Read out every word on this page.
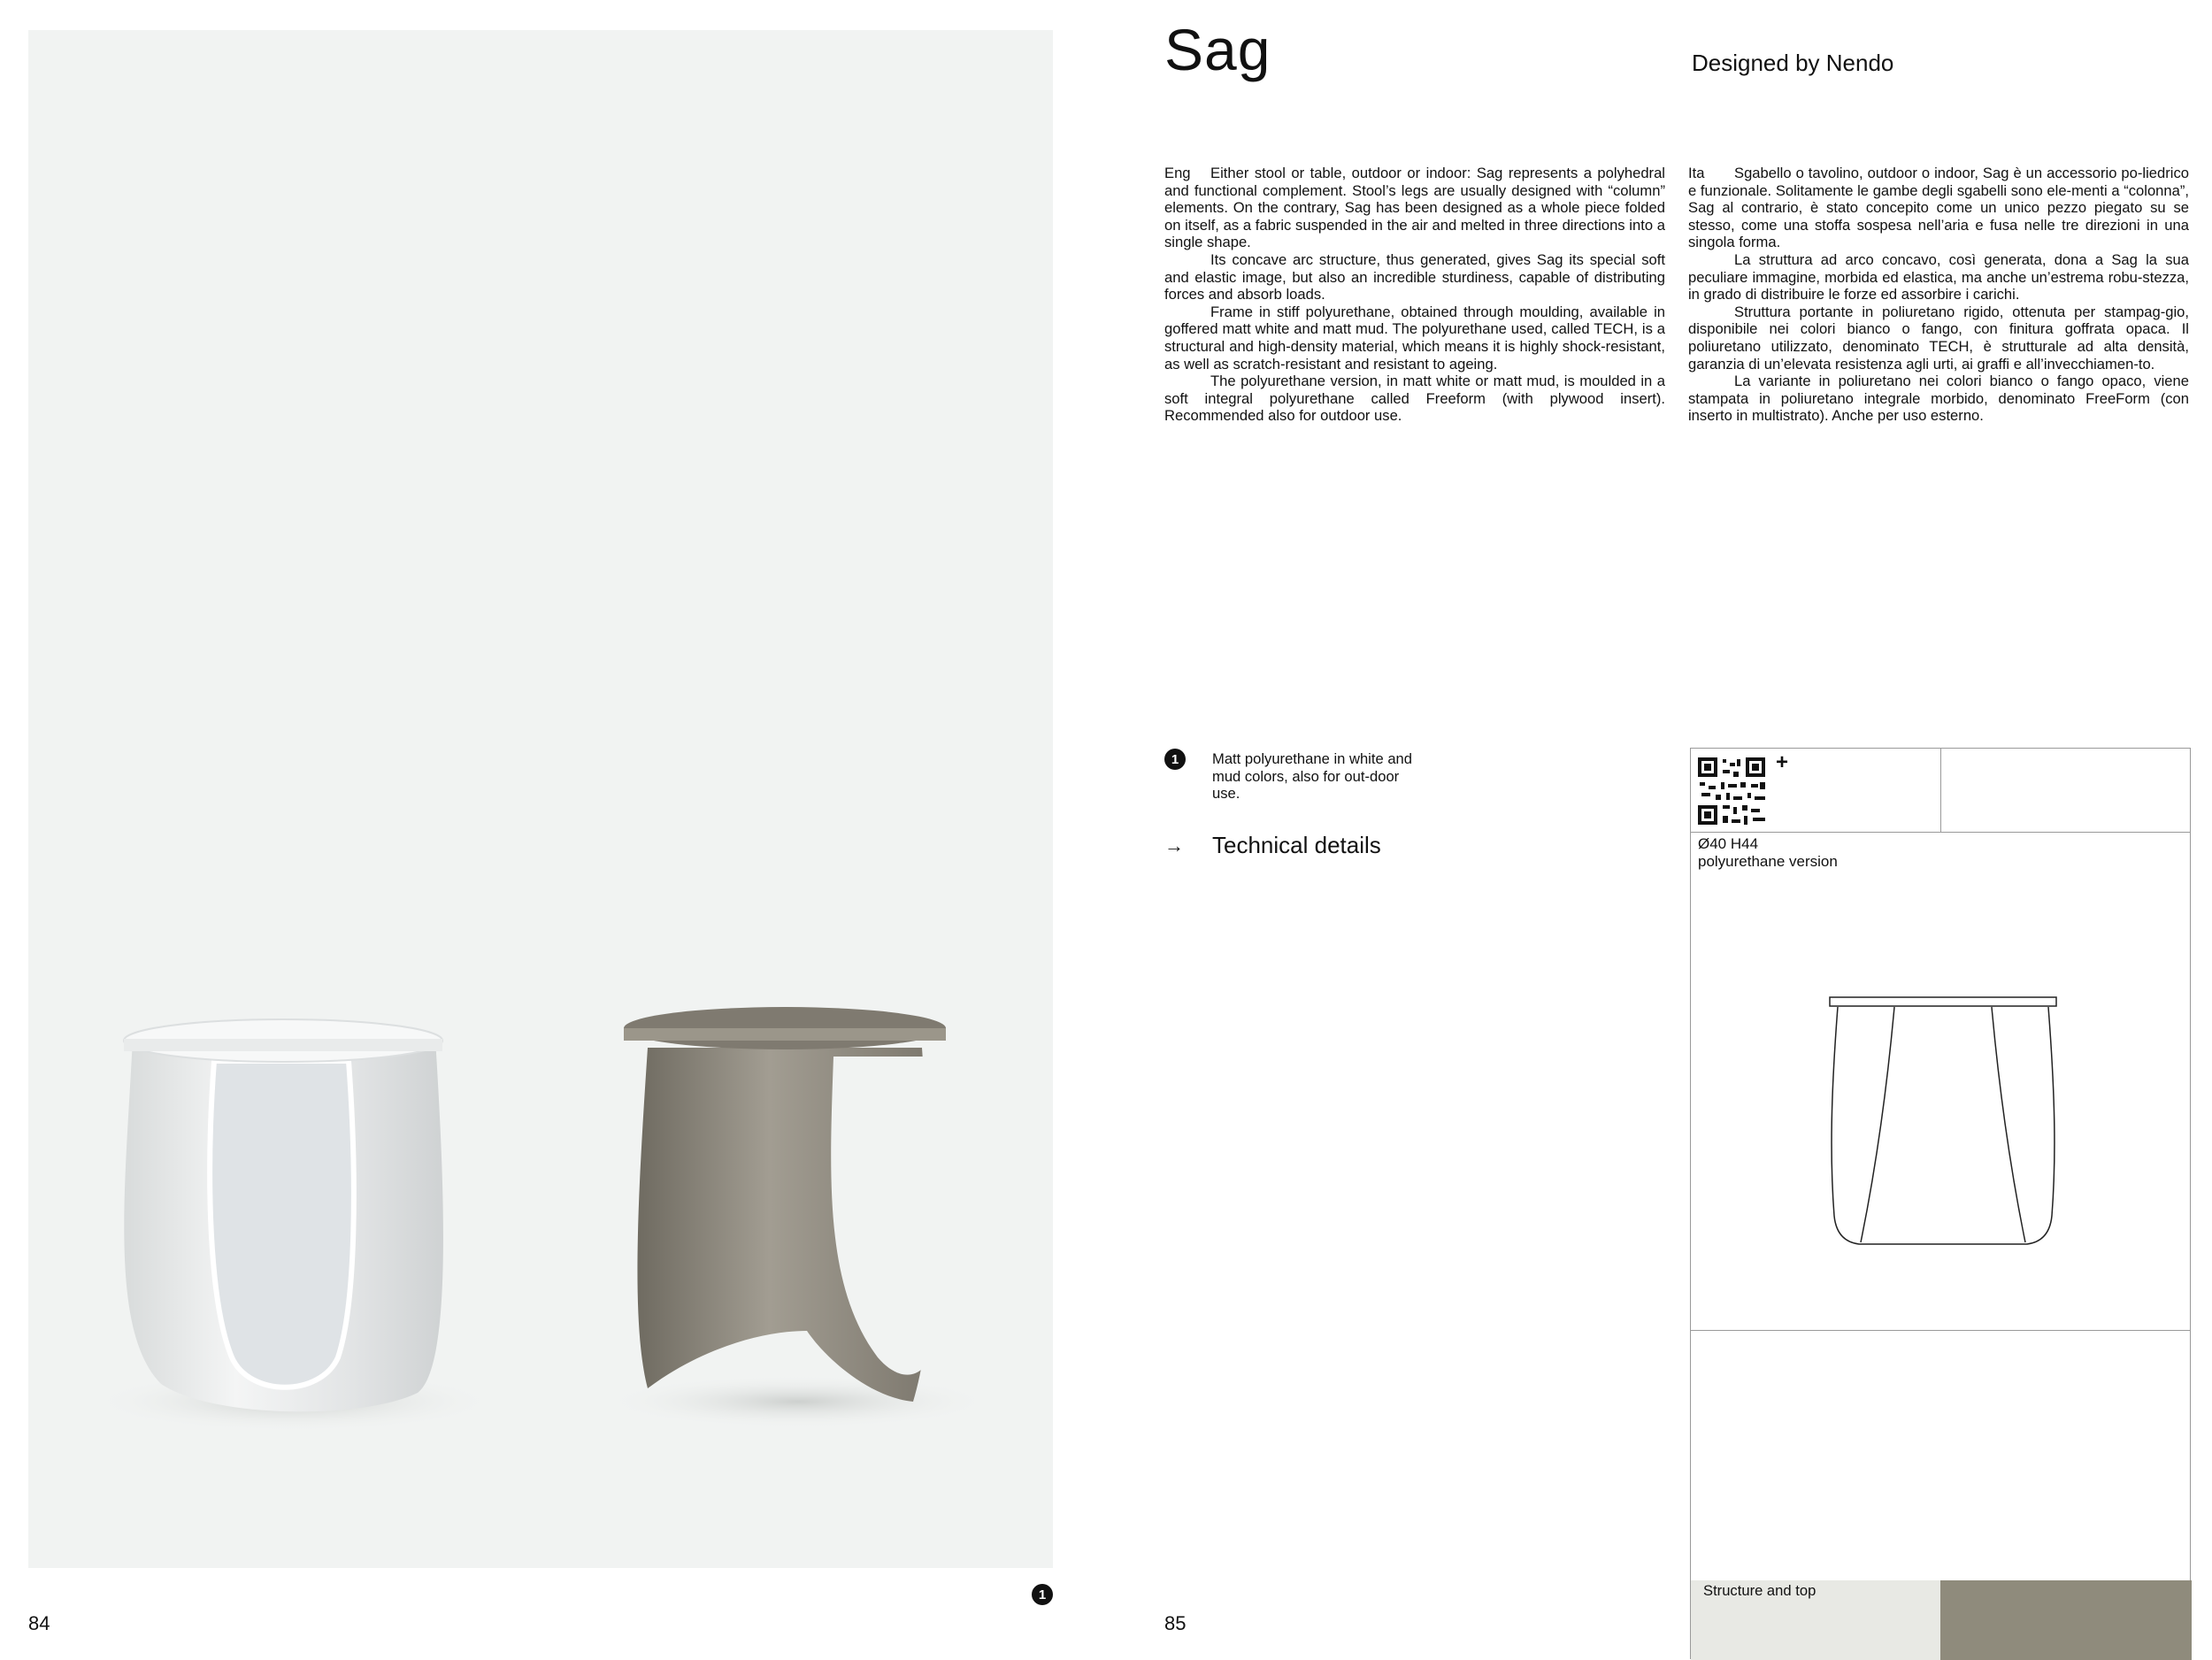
84
1
Sag	Designed by Nendo

Eng Either stool or table, outdoor or indoor: Sag represents a polyhedral and functional complement. Stool’s legs are usually designed with “column” elements. On the contrary, Sag has been designed as a whole piece folded on itself, as a fabric suspended in the air and melted in three directions into a single shape.

Its concave arc structure, thus generated, gives Sag its special soft and elastic image, but also an incredible sturdiness, capable of distributing forces and absorb loads.

Frame in stiff polyurethane, obtained through moulding, available in goffered matt white and matt mud. The polyurethane used, called TECH, is a structural and high-density material, which means it is highly shock-resistant, as well as scratch-resistant and resistant to ageing.

The polyurethane version, in matt white or matt mud, is moulded in a soft integral polyurethane called Freeform (with plywood insert). Recommended also for outdoor use.

Ita Sgabello o tavolino, outdoor o indoor, Sag è un accessorio po-liedrico e funzionale. Solitamente le gambe degli sgabelli sono ele-menti a “colonna”, Sag al contrario, è stato concepito come un unico pezzo piegato su se stesso, come una stoffa sospesa nell’aria e fusa nelle tre direzioni in una singola forma.

La struttura ad arco concavo, così generata, dona a Sag la sua peculiare immagine, morbida ed elastica, ma anche un’estrema robu-stezza, in grado di distribuire le forze ed assorbire i carichi.

Struttura portante in poliuretano rigido, ottenuta per stampag-gio, disponibile nei colori bianco o fango, con finitura goffrata opaca. Il poliuretano utilizzato, denominato TECH, è strutturale ad alta densità, garanzia di un’elevata resistenza agli urti, ai graffi e all’invecchiamen-to.

La variante in poliuretano nei colori bianco o fango opaco, viene stampata in poliuretano integrale morbido, denominato FreeForm (con inserto in multistrato). Anche per uso esterno.

1	Matt polyurethane in white and mud colors, also for out-door use.
→	Technical details
+
Ø40 H44
polyurethane version
Structure and top
85
